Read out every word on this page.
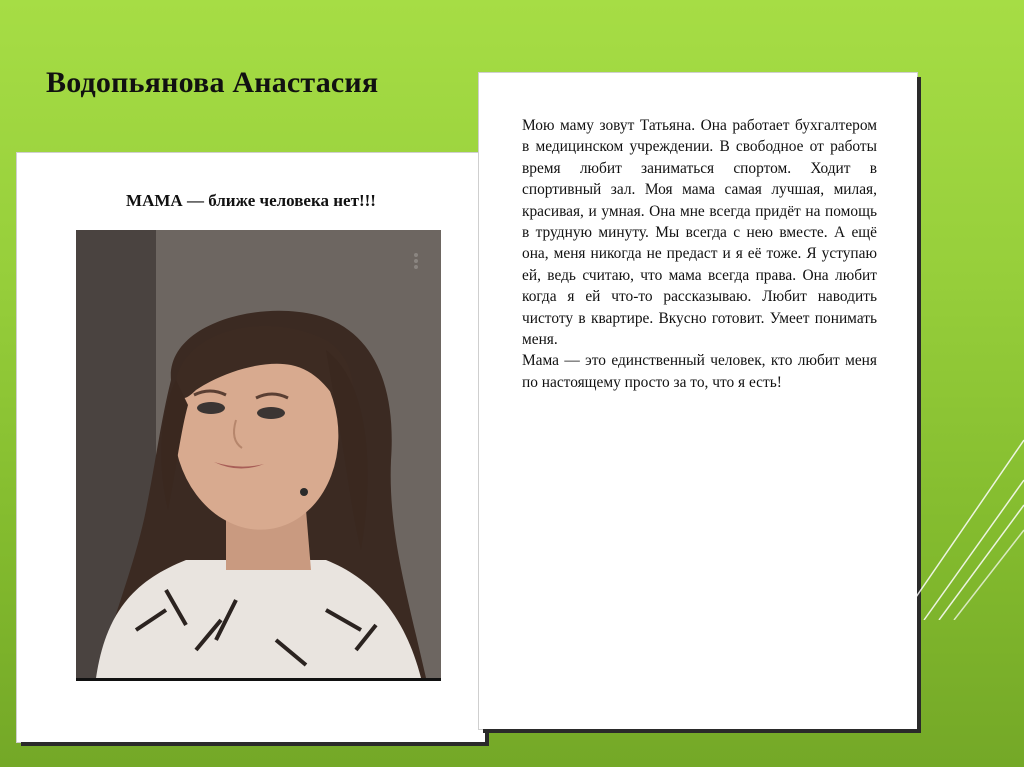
Водопьянова Анастасия
МАМА — ближе человека нет!!!

Мою маму зовут Татьяна. Она работает бухгалтером в медицинском учреждении. В свободное от работы время любит заниматься спортом. Ходит в спортивный зал. Моя мама самая лучшая, милая, красивая, и умная. Она мне всегда придёт на помощь в трудную минуту. Мы всегда с нею вместе. А ещё она, меня никогда не предаст и я её тоже. Я уступаю ей, ведь считаю, что мама всегда права. Она любит когда я ей что-то рассказываю. Любит наводить чистоту в квартире. Вкусно готовит. Умеет понимать меня.

Мама — это единственный человек, кто любит меня по настоящему просто за то, что я есть!
